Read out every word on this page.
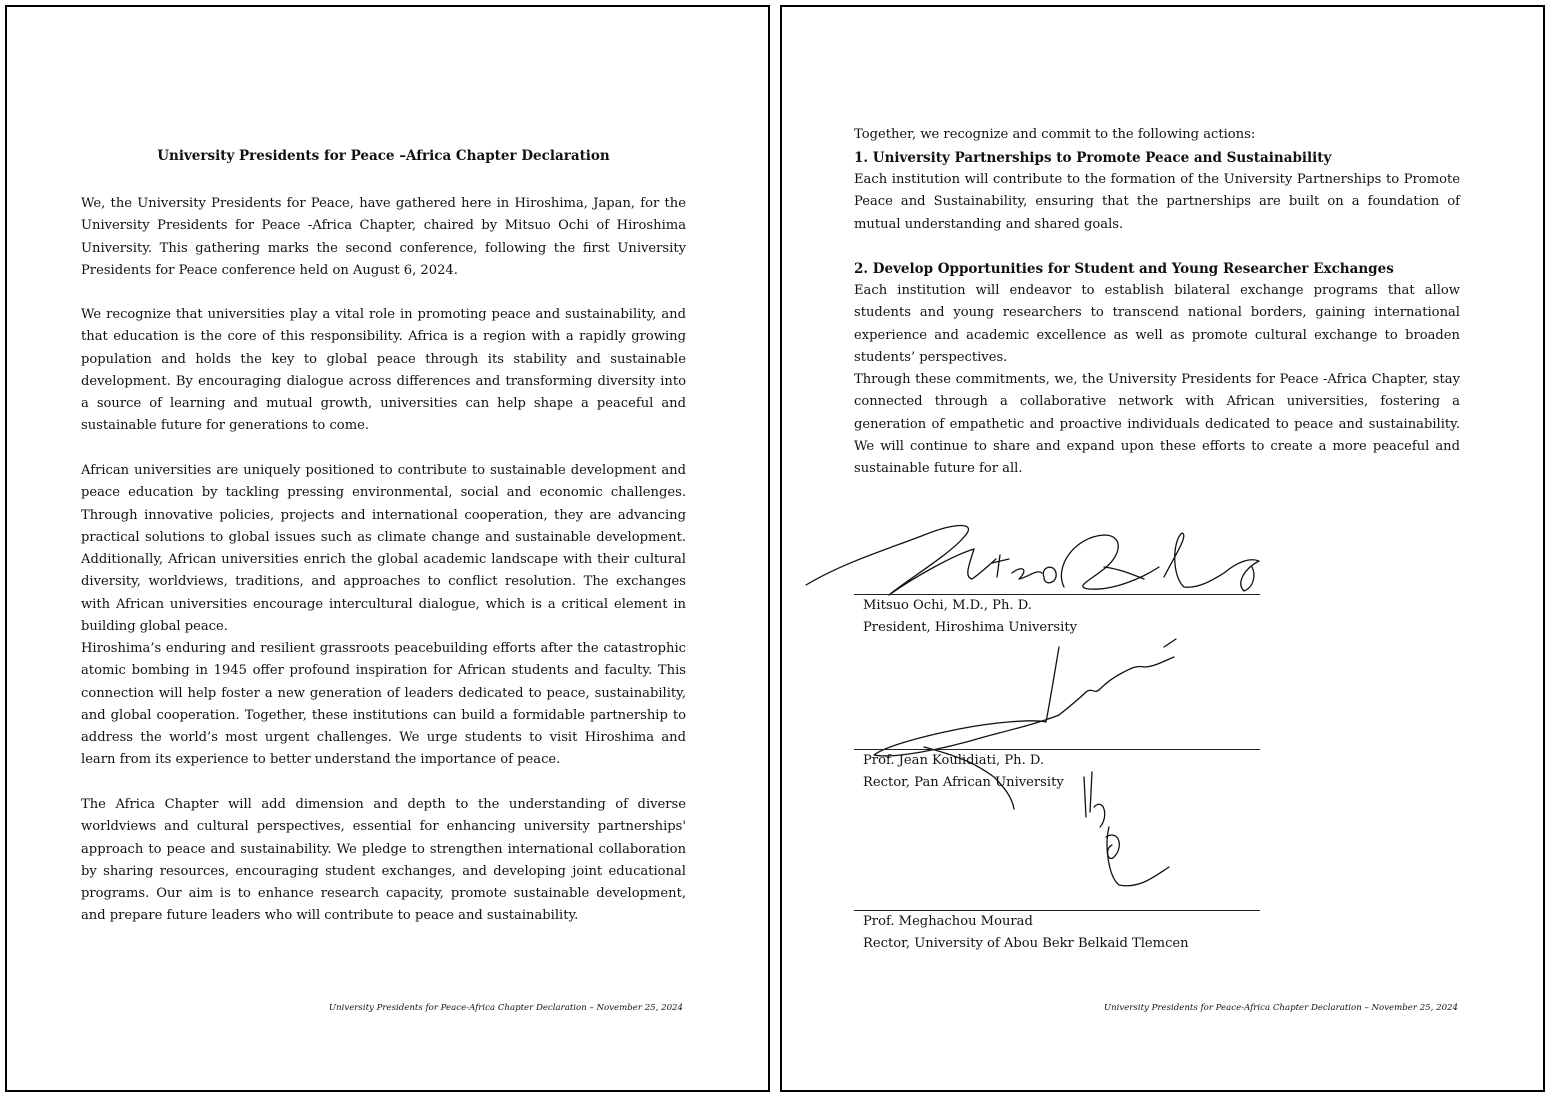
University Presidents for Peace –Africa Chapter Declaration

We, the University Presidents for Peace, have gathered here in Hiroshima, Japan, for the University Presidents for Peace -Africa Chapter, chaired by Mitsuo Ochi of Hiroshima University. This gathering marks the second conference, following the first University Presidents for Peace conference held on August 6, 2024.

We recognize that universities play a vital role in promoting peace and sustainability, and that education is the core of this responsibility. Africa is a region with a rapidly growing population and holds the key to global peace through its stability and sustainable development. By encouraging dialogue across differences and transforming diversity into a source of learning and mutual growth, universities can help shape a peaceful and sustainable future for generations to come.

African universities are uniquely positioned to contribute to sustainable development and peace education by tackling pressing environmental, social and economic challenges. Through innovative policies, projects and international cooperation, they are advancing practical solutions to global issues such as climate change and sustainable development. Additionally, African universities enrich the global academic landscape with their cultural diversity, worldviews, traditions, and approaches to conflict resolution. The exchanges with African universities encourage intercultural dialogue, which is a critical element in building global peace.

Hiroshima’s enduring and resilient grassroots peacebuilding efforts after the catastrophic atomic bombing in 1945 offer profound inspiration for African students and faculty. This connection will help foster a new generation of leaders dedicated to peace, sustainability, and global cooperation. Together, these institutions can build a formidable partnership to address the world’s most urgent challenges. We urge students to visit Hiroshima and learn from its experience to better understand the importance of peace.

The Africa Chapter will add dimension and depth to the understanding of diverse worldviews and cultural perspectives, essential for enhancing university partnerships' approach to peace and sustainability. We pledge to strengthen international collaboration by sharing resources, encouraging student exchanges, and developing joint educational programs. Our aim is to enhance research capacity, promote sustainable development, and prepare future leaders who will contribute to peace and sustainability.

University Presidents for Peace-Africa Chapter Declaration – November 25, 2024

Together, we recognize and commit to the following actions:

1. University Partnerships to Promote Peace and Sustainability

Each institution will contribute to the formation of the University Partnerships to Promote Peace and Sustainability, ensuring that the partnerships are built on a foundation of mutual understanding and shared goals.

2. Develop Opportunities for Student and Young Researcher Exchanges

Each institution will endeavor to establish bilateral exchange programs that allow students and young researchers to transcend national borders, gaining international experience and academic excellence as well as promote cultural exchange to broaden students’ perspectives.

Through these commitments, we, the University Presidents for Peace -Africa Chapter, stay connected through a collaborative network with African universities, fostering a generation of empathetic and proactive individuals dedicated to peace and sustainability. We will continue to share and expand upon these efforts to create a more peaceful and sustainable future for all.

Mitsuo Ochi, M.D., Ph. D.
President, Hiroshima University
Prof. Jean Koulidiati, Ph. D.
Rector, Pan African University
Prof. Meghachou Mourad
Rector, University of Abou Bekr Belkaid Tlemcen
University Presidents for Peace-Africa Chapter Declaration – November 25, 2024
